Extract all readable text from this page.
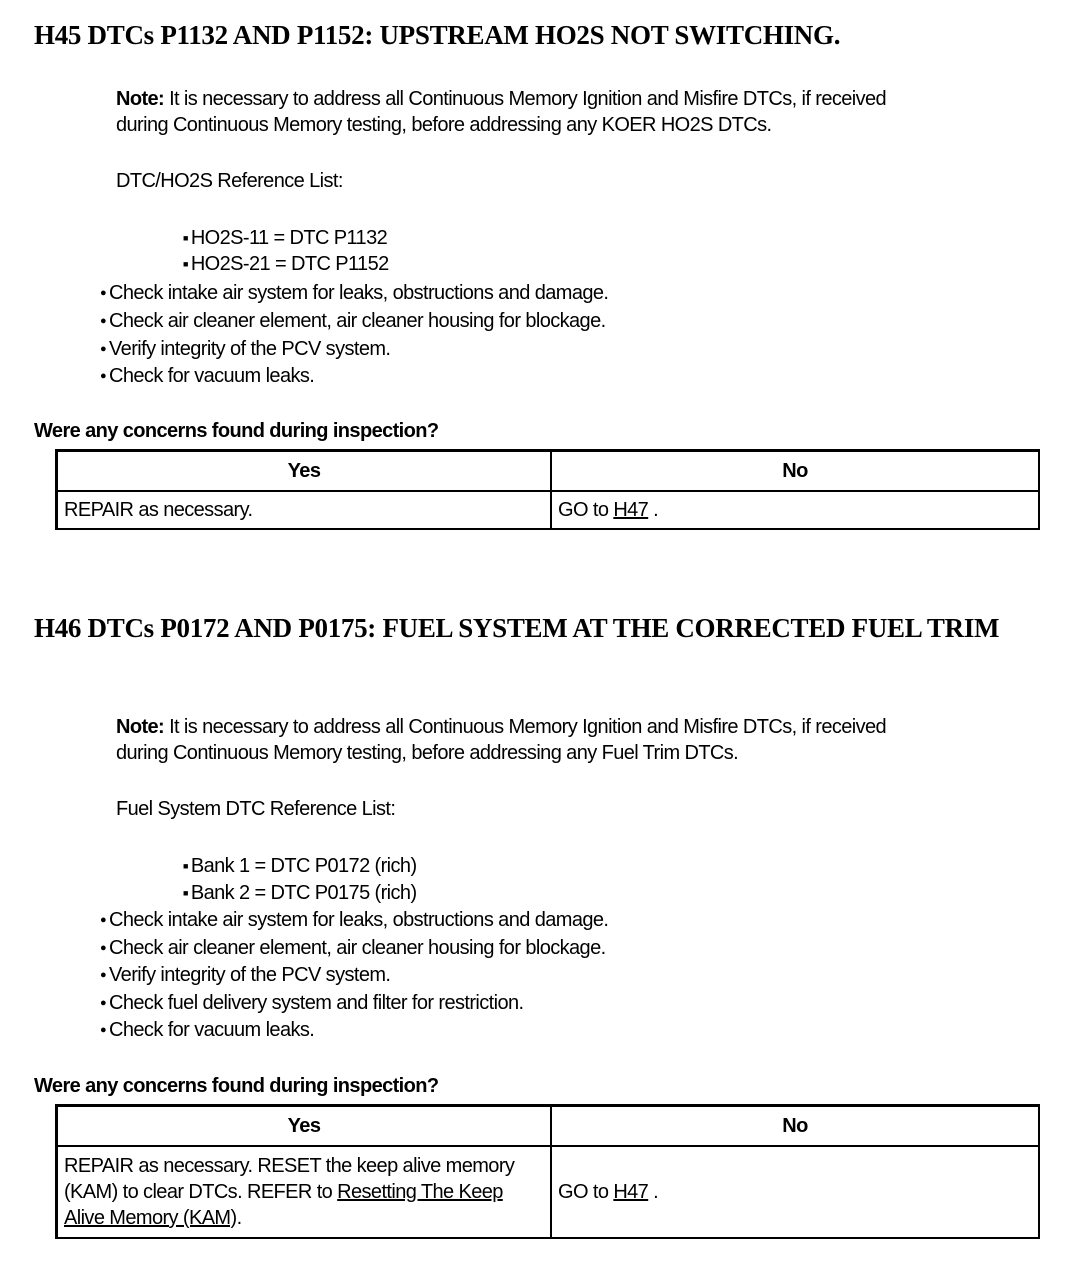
H45 DTCs P1132 AND P1152: UPSTREAM HO2S NOT SWITCHING.
Note: It is necessary to address all Continuous Memory Ignition and Misfire DTCs, if received
during Continuous Memory testing, before addressing any KOER HO2S DTCs.
DTC/HO2S Reference List:
■ HO2S-11 = DTC P1132
■ HO2S-21 = DTC P1152
● Check intake air system for leaks, obstructions and damage.
● Check air cleaner element, air cleaner housing for blockage.
● Verify integrity of the PCV system.
● Check for vacuum leaks.
Were any concerns found during inspection?
Yes	No
REPAIR as necessary.	GO to H47 .
H46 DTCs P0172 AND P0175: FUEL SYSTEM AT THE CORRECTED FUEL TRIM
Note: It is necessary to address all Continuous Memory Ignition and Misfire DTCs, if received
during Continuous Memory testing, before addressing any Fuel Trim DTCs.
Fuel System DTC Reference List:
■ Bank 1 = DTC P0172 (rich)
■ Bank 2 = DTC P0175 (rich)
● Check intake air system for leaks, obstructions and damage.
● Check air cleaner element, air cleaner housing for blockage.
● Verify integrity of the PCV system.
● Check fuel delivery system and filter for restriction.
● Check for vacuum leaks.
Were any concerns found during inspection?
Yes	No
REPAIR as necessary. RESET the keep alive memory (KAM) to clear DTCs. REFER to Resetting The Keep Alive Memory (KAM).	GO to H47 .
